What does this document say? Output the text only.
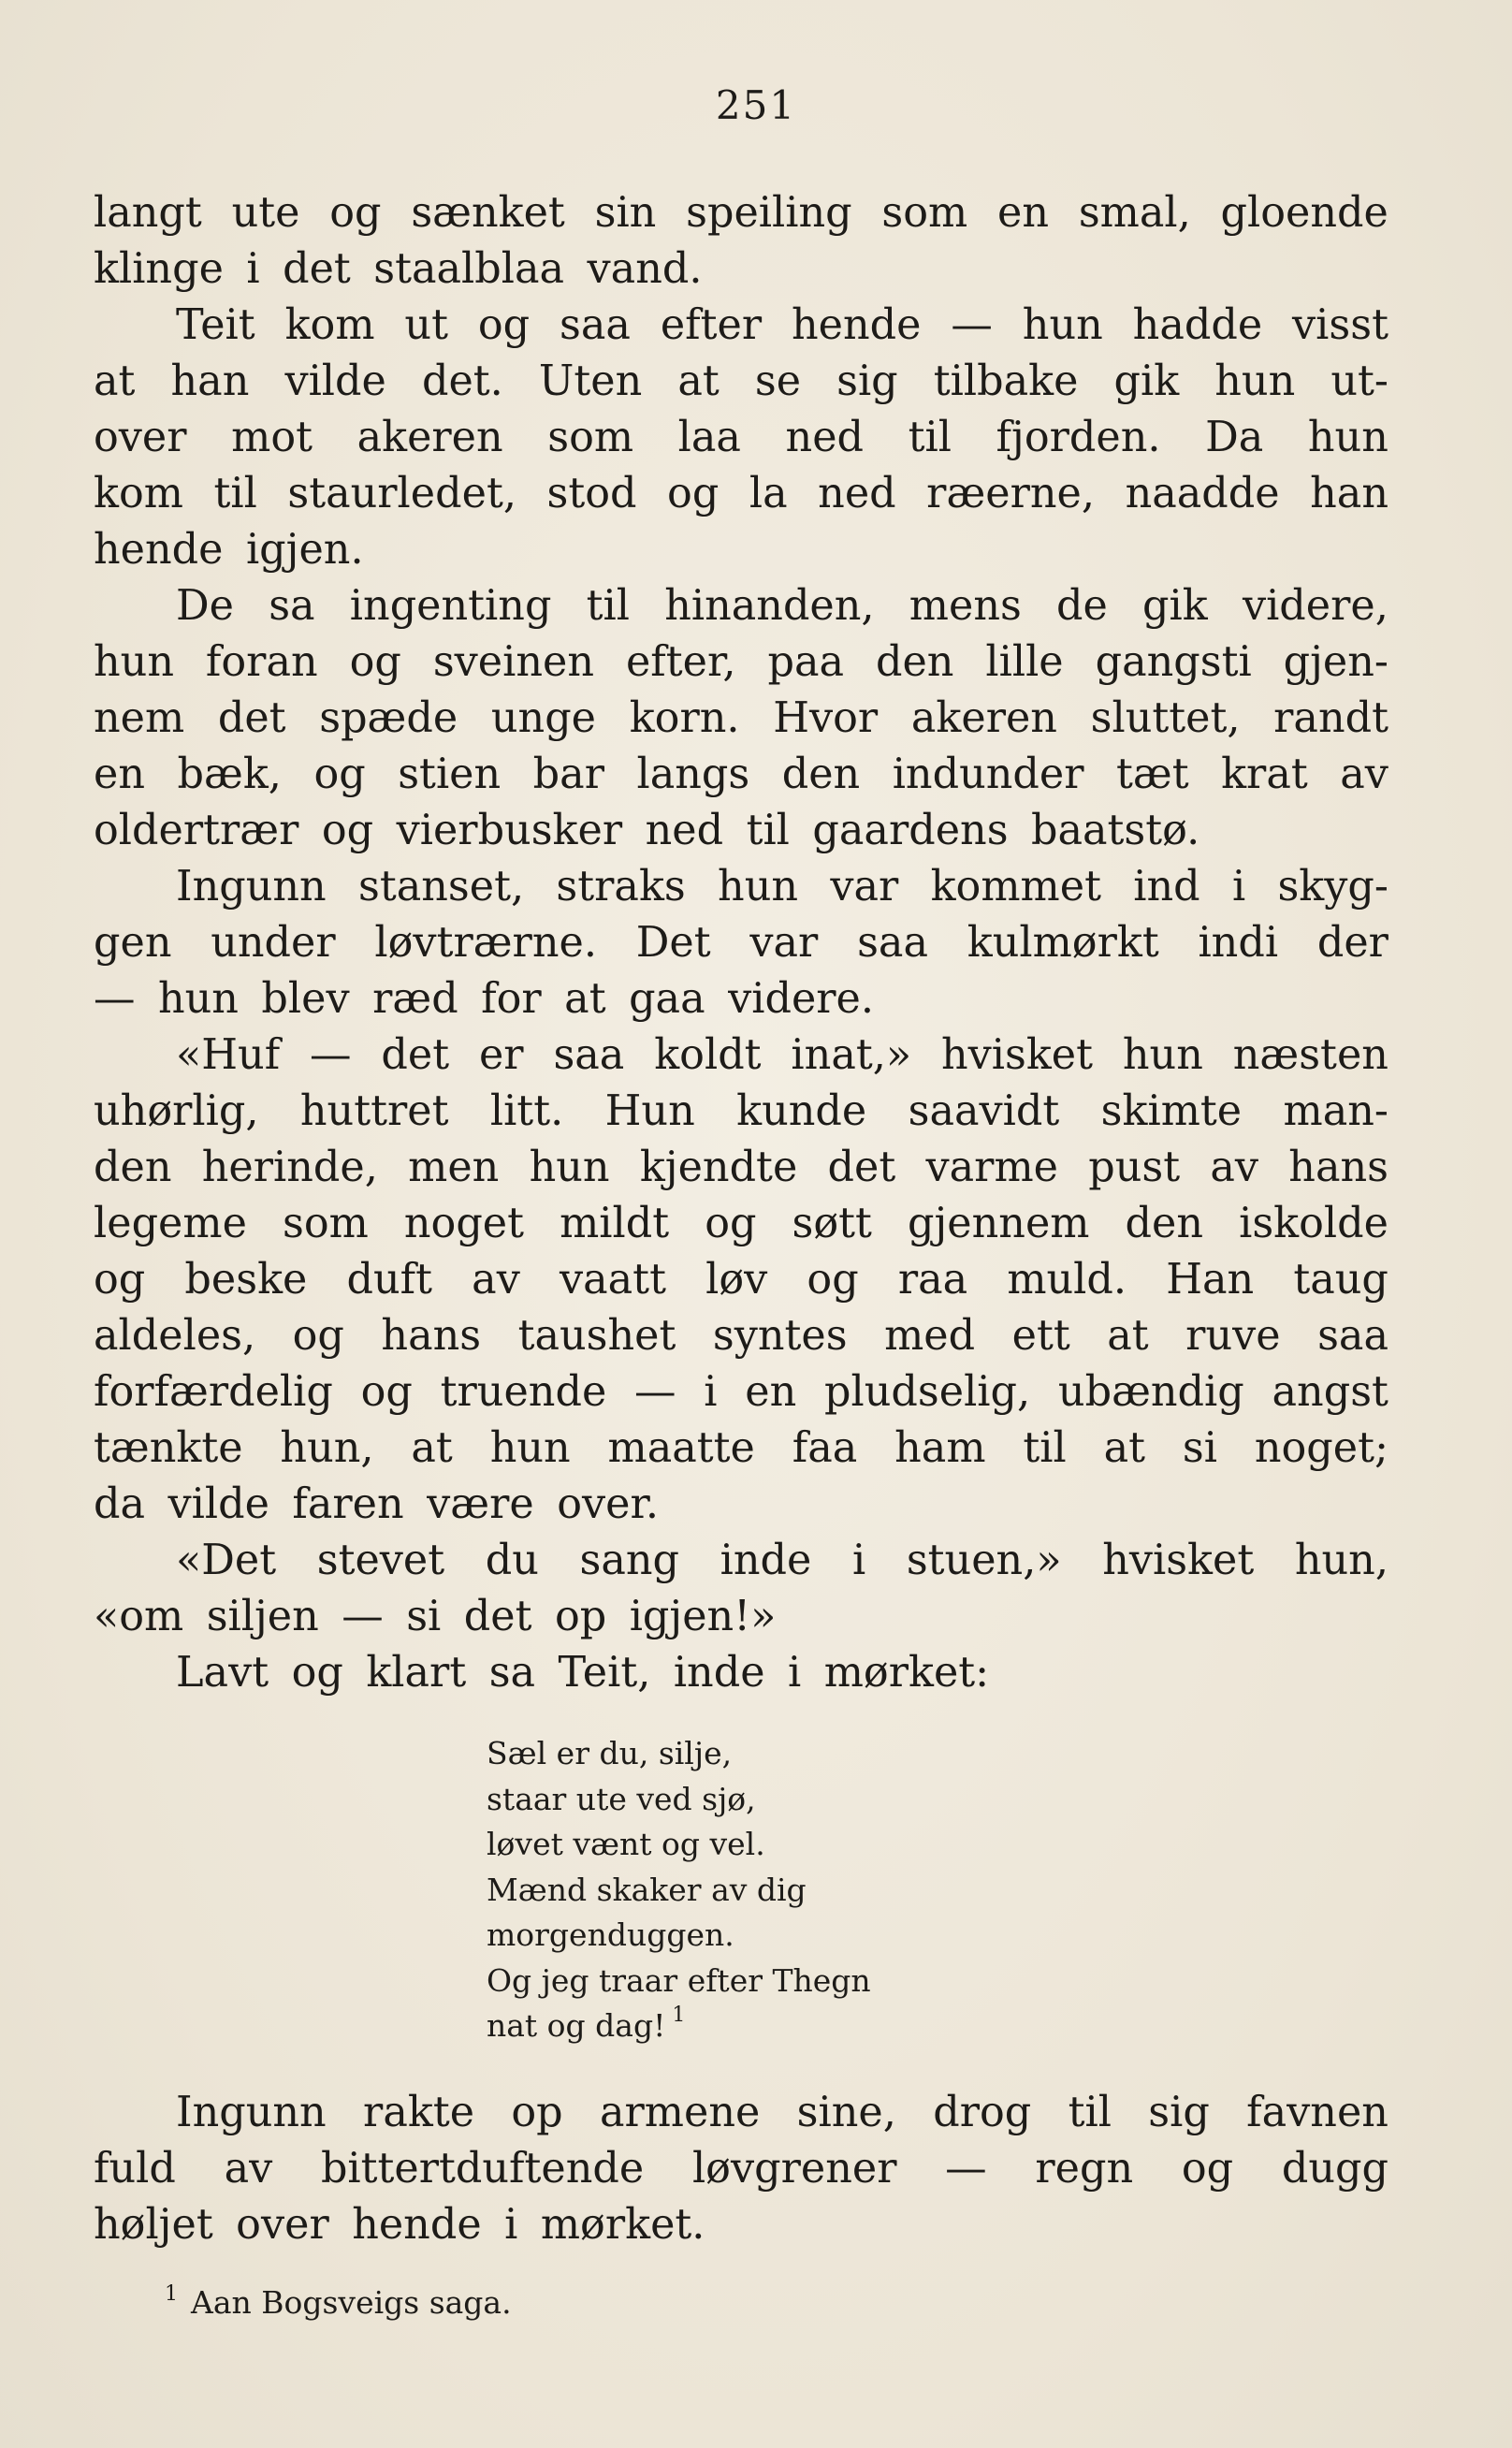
251
langt ute og sænket sin speiling som en smal, gloende
klinge i det staalblaa vand.
Teit kom ut og saa efter hende — hun hadde visst
at han vilde det. Uten at se sig tilbake gik hun ut-
over mot akeren som laa ned til fjorden. Da hun
kom til staurledet, stod og la ned ræerne, naadde han
hende igjen.
De sa ingenting til hinanden, mens de gik videre,
hun foran og sveinen efter, paa den lille gangsti gjen-
nem det spæde unge korn. Hvor akeren sluttet, randt
en bæk, og stien bar langs den indunder tæt krat av
oldertrær og vierbusker ned til gaardens baatstø.
Ingunn stanset, straks hun var kommet ind i skyg-
gen under løvtrærne. Det var saa kulmørkt indi der
— hun blev ræd for at gaa videre.
«Huf — det er saa koldt inat,» hvisket hun næsten
uhørlig, huttret litt. Hun kunde saavidt skimte man-
den herinde, men hun kjendte det varme pust av hans
legeme som noget mildt og søtt gjennem den iskolde
og beske duft av vaatt løv og raa muld. Han taug
aldeles, og hans taushet syntes med ett at ruve saa
forfærdelig og truende — i en pludselig, ubændig angst
tænkte hun, at hun maatte faa ham til at si noget;
da vilde faren være over.
«Det stevet du sang inde i stuen,» hvisket hun,
«om siljen — si det op igjen!»
Lavt og klart sa Teit, inde i mørket:
Sæl er du, silje,
staar ute ved sjø,
løvet vænt og vel.
Mænd skaker av dig
morgenduggen.
Og jeg traar efter Thegn
nat og dag! $^1$
Ingunn rakte op armene sine, drog til sig favnen
fuld av bittertduftende løvgrener — regn og dugg
høljet over hende i mørket.
$^1$ Aan Bogsveigs saga.
